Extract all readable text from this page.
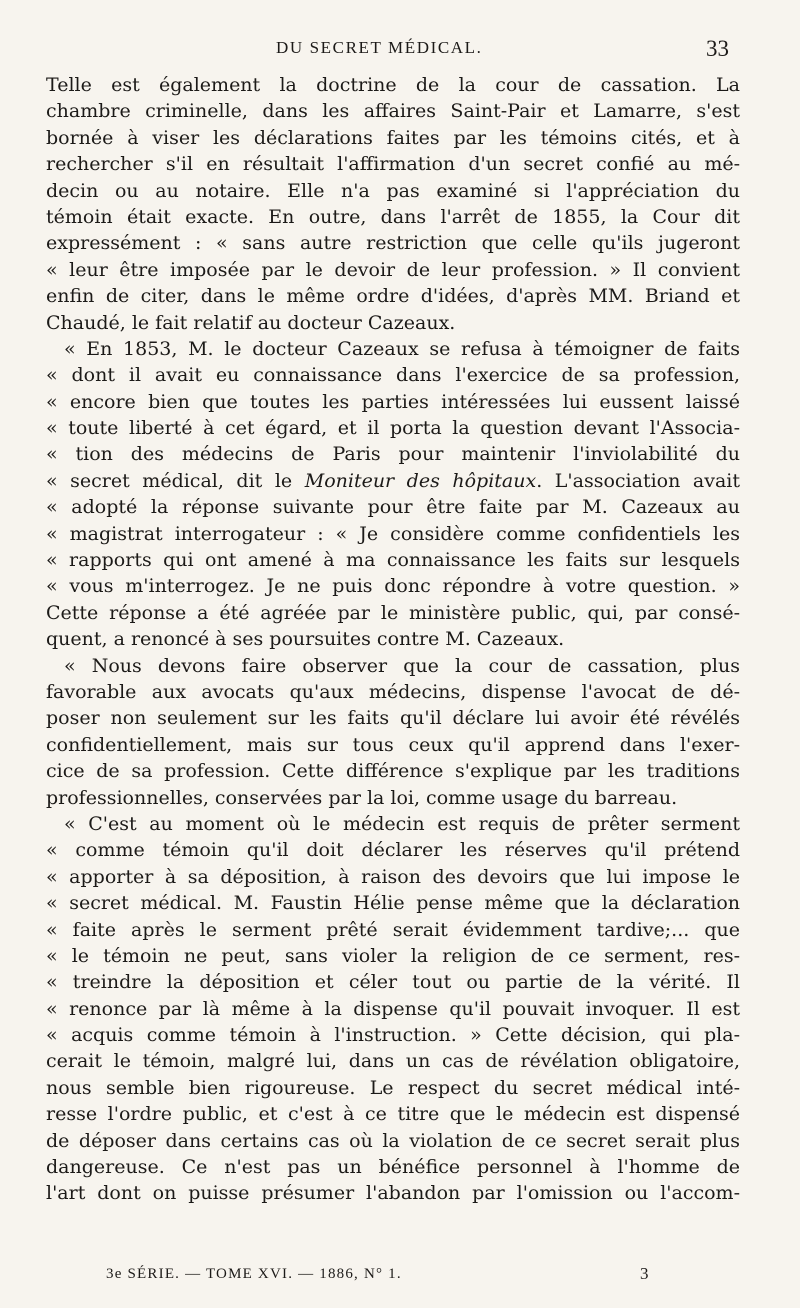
DU SECRET MÉDICAL.	33
Telle est également la doctrine de la cour de cassation. La
chambre criminelle, dans les affaires Saint-Pair et Lamarre, s'est
bornée à viser les déclarations faites par les témoins cités, et à
rechercher s'il en résultait l'affirmation d'un secret confié au mé-
decin ou au notaire. Elle n'a pas examiné si l'appréciation du
témoin était exacte. En outre, dans l'arrêt de 1855, la Cour dit
expressément : « sans autre restriction que celle qu'ils jugeront
« leur être imposée par le devoir de leur profession. » Il convient
enfin de citer, dans le même ordre d'idées, d'après MM. Briand et
Chaudé, le fait relatif au docteur Cazeaux.
« En 1853, M. le docteur Cazeaux se refusa à témoigner de faits
« dont il avait eu connaissance dans l'exercice de sa profession,
« encore bien que toutes les parties intéressées lui eussent laissé
« toute liberté à cet égard, et il porta la question devant l'Associa-
« tion des médecins de Paris pour maintenir l'inviolabilité du
« secret médical, dit le Moniteur des hôpitaux. L'association avait
« adopté la réponse suivante pour être faite par M. Cazeaux au
« magistrat interrogateur : « Je considère comme confidentiels les
« rapports qui ont amené à ma connaissance les faits sur lesquels
« vous m'interrogez. Je ne puis donc répondre à votre question. »
Cette réponse a été agréée par le ministère public, qui, par consé-
quent, a renoncé à ses poursuites contre M. Cazeaux.
« Nous devons faire observer que la cour de cassation, plus
favorable aux avocats qu'aux médecins, dispense l'avocat de dé-
poser non seulement sur les faits qu'il déclare lui avoir été révélés
confidentiellement, mais sur tous ceux qu'il apprend dans l'exer-
cice de sa profession. Cette différence s'explique par les traditions
professionnelles, conservées par la loi, comme usage du barreau.
« C'est au moment où le médecin est requis de prêter serment
« comme témoin qu'il doit déclarer les réserves qu'il prétend
« apporter à sa déposition, à raison des devoirs que lui impose le
« secret médical. M. Faustin Hélie pense même que la déclaration
« faite après le serment prêté serait évidemment tardive;... que
« le témoin ne peut, sans violer la religion de ce serment, res-
« treindre la déposition et céler tout ou partie de la vérité. Il
« renonce par là même à la dispense qu'il pouvait invoquer. Il est
« acquis comme témoin à l'instruction. » Cette décision, qui pla-
cerait le témoin, malgré lui, dans un cas de révélation obligatoire,
nous semble bien rigoureuse. Le respect du secret médical inté-
resse l'ordre public, et c'est à ce titre que le médecin est dispensé
de déposer dans certains cas où la violation de ce secret serait plus
dangereuse. Ce n'est pas un bénéfice personnel à l'homme de
l'art dont on puisse présumer l'abandon par l'omission ou l'accom-
3e SÉRIE. — TOME XVI. — 1886, N° 1.	3
